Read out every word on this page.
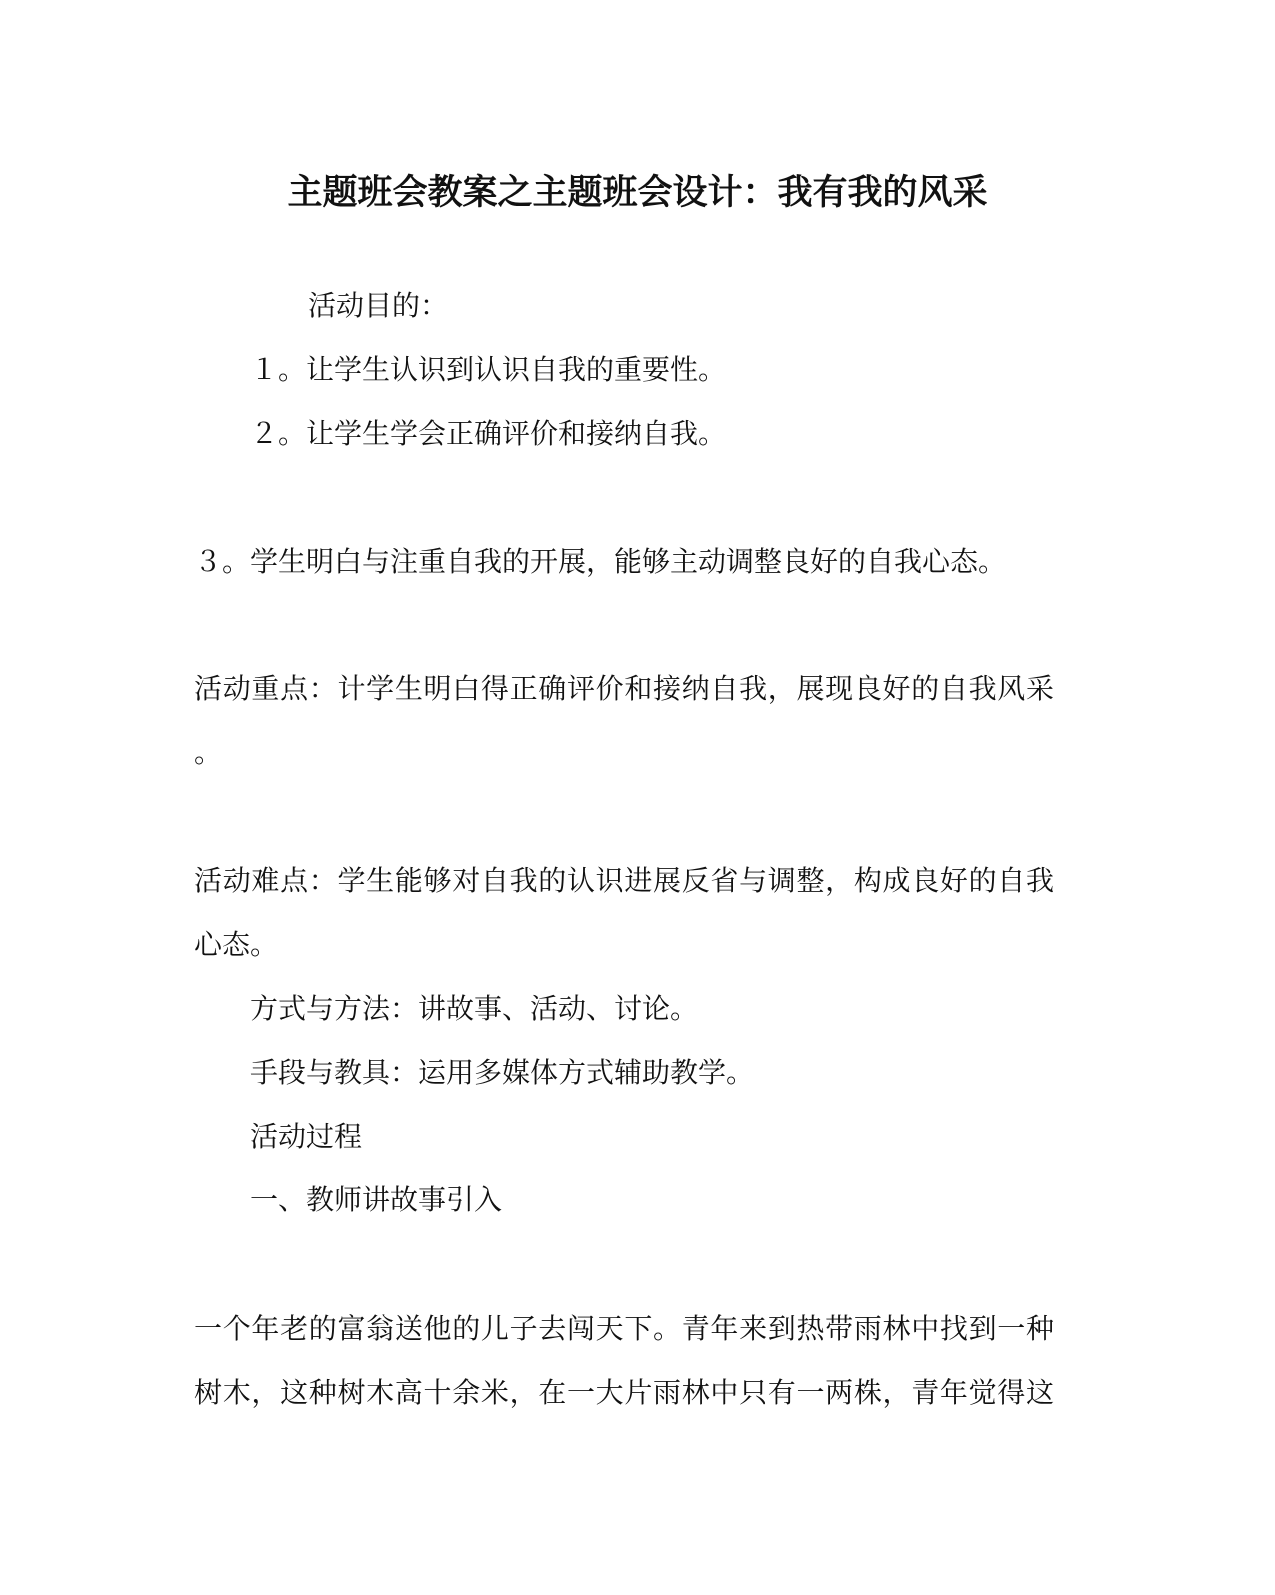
主题班会教案之主题班会设计：我有我的风采
活动目的：
１。让学生认识到认识自我的重要性。
２。让学生学会正确评价和接纳自我。
３。学生明白与注重自我的开展，能够主动调整良好的自我心态。
活动重点：计学生明白得正确评价和接纳自我，展现良好的自我风采
。
活动难点：学生能够对自我的认识进展反省与调整，构成良好的自我
心态。
方式与方法：讲故事、活动、讨论。
手段与教具：运用多媒体方式辅助教学。
活动过程
一、教师讲故事引入
一个年老的富翁送他的儿子去闯天下。青年来到热带雨林中找到一种
树木，这种树木高十余米，在一大片雨林中只有一两株，青年觉得这
